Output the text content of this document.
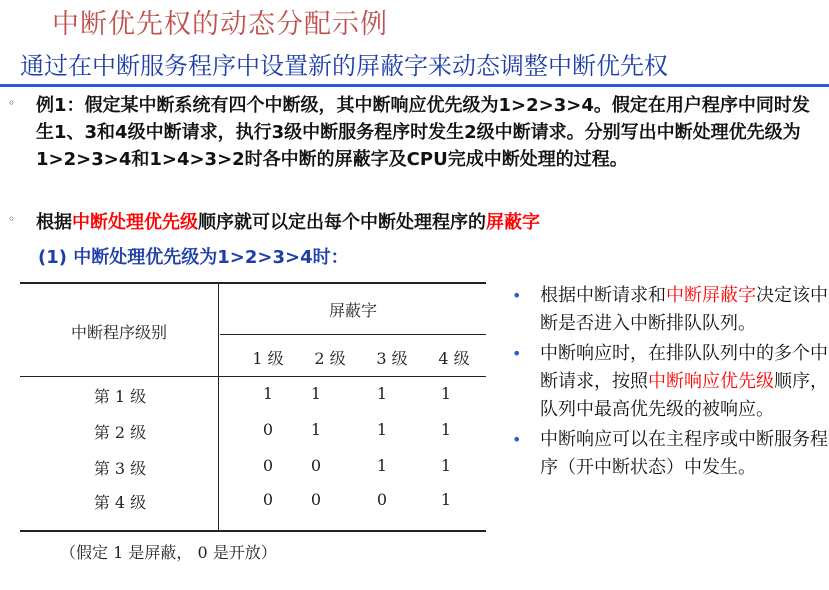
中断优先权的动态分配示例
通过在中断服务程序中设置新的屏蔽字来动态调整中断优先权
◦ 例1：假定某中断系统有四个中断级，其中断响应优先级为1>2>3>4。假定在用户程序中同时发生1、3和4级中断请求，执行3级中断服务程序时发生2级中断请求。分别写出中断处理优先级为1>2>3>4和1>4>3>2时各中断的屏蔽字及CPU完成中断处理的过程。
◦ 根据中断处理优先级顺序就可以定出每个中断处理程序的屏蔽字
(1) 中断处理优先级为1>2>3>4时：
中断程序级别
屏蔽字
1 级	2 级	3 级	4 级
第 1 级	1	1	1	1
第 2 级	0	1	1	1
第 3 级	0	0	1	1
第 4 级	0	0	0	1
（假定 1 是屏蔽， 0 是开放）
• 根据中断请求和中断屏蔽字决定该中断是否进入中断排队队列。
• 中断响应时，在排队队列中的多个中断请求，按照中断响应优先级顺序，队列中最高优先级的被响应。
• 中断响应可以在主程序或中断服务程序（开中断状态）中发生。
